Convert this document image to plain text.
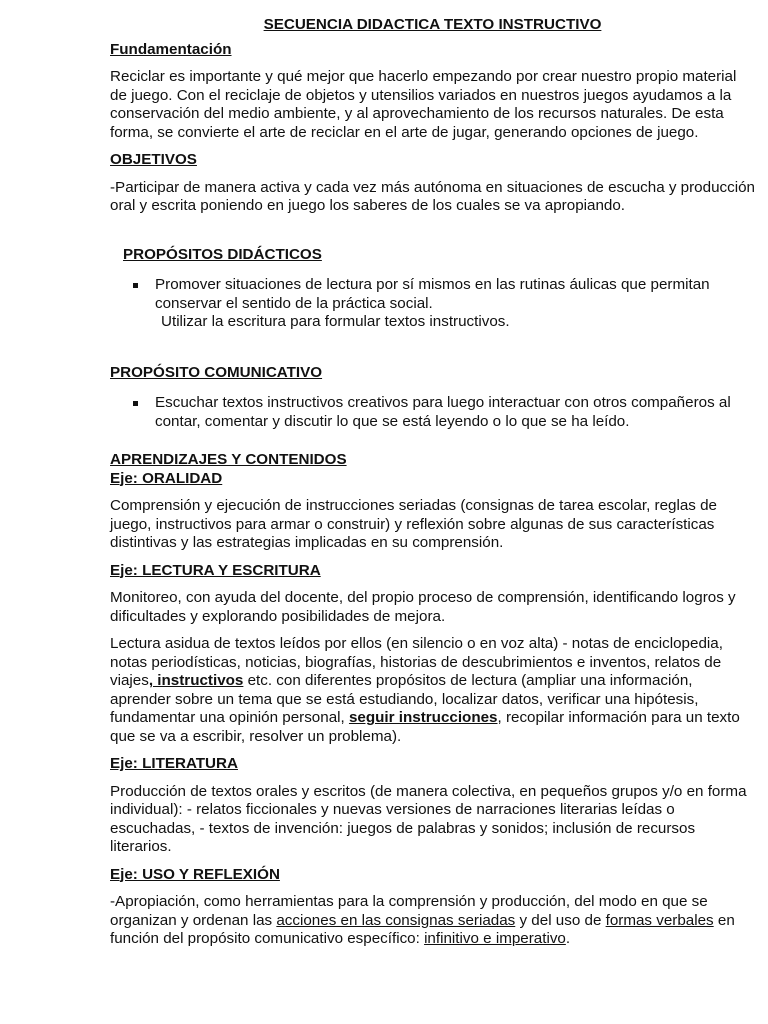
SECUENCIA DIDACTICA TEXTO INSTRUCTIVO
Fundamentación

Reciclar es importante y qué mejor que hacerlo empezando por crear nuestro propio material de juego. Con el reciclaje de objetos y utensilios variados en nuestros juegos ayudamos a la conservación del medio ambiente, y al aprovechamiento de los recursos naturales. De esta forma, se convierte el arte de reciclar en el arte de jugar, generando opciones de juego.

OBJETIVOS

-Participar de manera activa y cada vez más autónoma en situaciones de escucha y producción oral y escrita poniendo en juego los saberes de los cuales se va apropiando.

PROPÓSITOS DIDÁCTICOS
Promover situaciones de lectura por sí mismos en las rutinas áulicas que permitan conservar el sentido de la práctica social.

Utilizar la escritura para formular textos instructivos.

PROPÓSITO COMUNICATIVO
Escuchar textos instructivos creativos para luego interactuar con otros compañeros al contar, comentar y discutir lo que se está leyendo o lo que se ha leído.
APRENDIZAJES Y CONTENIDOS
Eje: ORALIDAD

Comprensión y ejecución de instrucciones seriadas (consignas de tarea escolar, reglas de juego, instructivos para armar o construir) y reflexión sobre algunas de sus características distintivas y las estrategias implicadas en su comprensión.

Eje: LECTURA Y ESCRITURA

Monitoreo, con ayuda del docente, del propio proceso de comprensión, identificando logros y dificultades y explorando posibilidades de mejora.

Lectura asidua de textos leídos por ellos (en silencio o en voz alta) - notas de enciclopedia, notas periodísticas, noticias, biografías, historias de descubrimientos e inventos, relatos de viajes, instructivos etc. con diferentes propósitos de lectura (ampliar una información, aprender sobre un tema que se está estudiando, localizar datos, verificar una hipótesis, fundamentar una opinión personal, seguir instrucciones, recopilar información para un texto que se va a escribir, resolver un problema).

Eje: LITERATURA

Producción de textos orales y escritos (de manera colectiva, en pequeños grupos y/o en forma individual): - relatos ficcionales y nuevas versiones de narraciones literarias leídas o escuchadas, - textos de invención: juegos de palabras y sonidos; inclusión de recursos literarios.

Eje: USO Y REFLEXIÓN

-Apropiación, como herramientas para la comprensión y producción, del modo en que se organizan y ordenan las acciones en las consignas seriadas y del uso de formas verbales en función del propósito comunicativo específico: infinitivo e imperativo.
